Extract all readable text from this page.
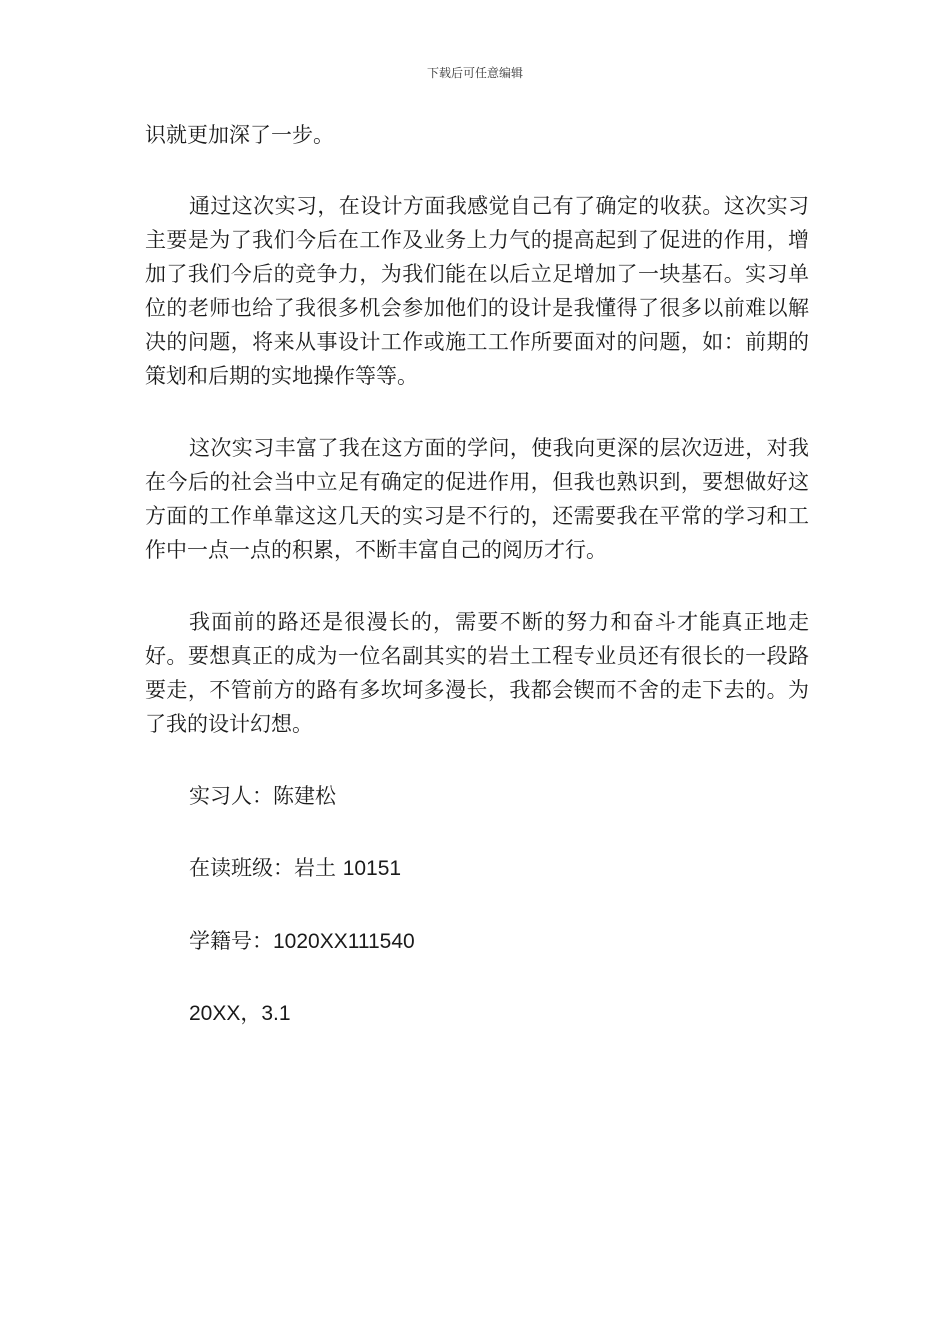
下载后可任意编辑

识就更加深了一步。

通过这次实习，在设计方面我感觉自己有了确定的收获。这次实习主要是为了我们今后在工作及业务上力气的提高起到了促进的作用，增加了我们今后的竞争力，为我们能在以后立足增加了一块基石。实习单位的老师也给了我很多机会参加他们的设计是我懂得了很多以前难以解决的问题，将来从事设计工作或施工工作所要面对的问题，如：前期的策划和后期的实地操作等等。

这次实习丰富了我在这方面的学问，使我向更深的层次迈进，对我在今后的社会当中立足有确定的促进作用，但我也熟识到，要想做好这方面的工作单靠这这几天的实习是不行的，还需要我在平常的学习和工作中一点一点的积累，不断丰富自己的阅历才行。

我面前的路还是很漫长的，需要不断的努力和奋斗才能真正地走好。要想真正的成为一位名副其实的岩土工程专业员还有很长的一段路要走，不管前方的路有多坎坷多漫长，我都会锲而不舍的走下去的。为了我的设计幻想。

实习人：陈建松

在读班级：岩土 10151

学籍号：1020XX111540

20XX，3.1
